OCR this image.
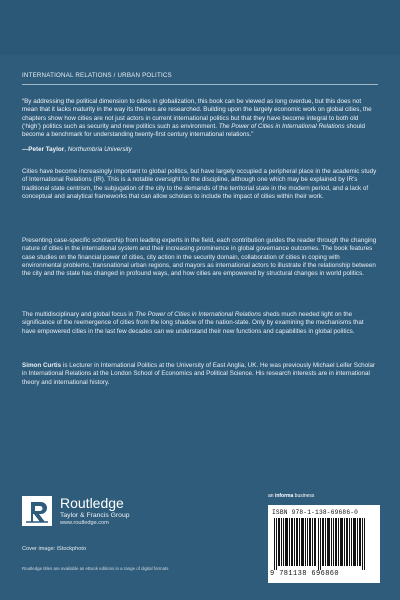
INTERNATIONAL RELATIONS / URBAN POLITICS

“By addressing the political dimension to cities in globalization, this book can be viewed as long overdue, but this does not mean that it lacks maturity in the way its themes are researched. Building upon the largely economic work on global cities, the chapters show how cities are not just actors in current international politics but that they have become integral to both old (‘high’) politics such as security and new politics such as environment. The Power of Cities in International Relations should become a benchmark for understanding twenty-first century international relations.”

—Peter Taylor, Northumbria University

Cities have become increasingly important to global politics, but have largely occupied a peripheral place in the academic study of International Relations (IR). This is a notable oversight for the discipline, although one which may be explained by IR’s traditional state centrism, the subjugation of the city to the demands of the territorial state in the modern period, and a lack of conceptual and analytical frameworks that can allow scholars to include the impact of cities within their work.

Presenting case-specific scholarship from leading experts in the field, each contribution guides the reader through the changing nature of cities in the international system and their increasing prominence in global governance outcomes. The book features case studies on the financial power of cities, city action in the security domain, collaboration of cities in coping with environmental problems, transnational urban regions, and mayors as international actors to illustrate if the relationship between the city and the state has changed in profound ways, and how cities are empowered by structural changes in world politics.

The multidisciplinary and global focus in The Power of Cities in International Relations sheds much needed light on the significance of the reemergence of cities from the long shadow of the nation-state. Only by examining the mechanisms that have empowered cities in the last few decades can we understand their new functions and capabilities in global politics.

Simon Curtis is Lecturer in International Politics at the University of East Anglia, UK. He was previously Michael Leifer Scholar in International Relations at the London School of Economics and Political Science. His research interests are in international theory and international history.

Routledge
Taylor & Francis Group
www.routledge.com
Cover image: iStockphoto
Routledge titles are available as eBook editions in a range of digital formats
an informa business
ISBN 978-1-138-69686-0
9 781138 696860
